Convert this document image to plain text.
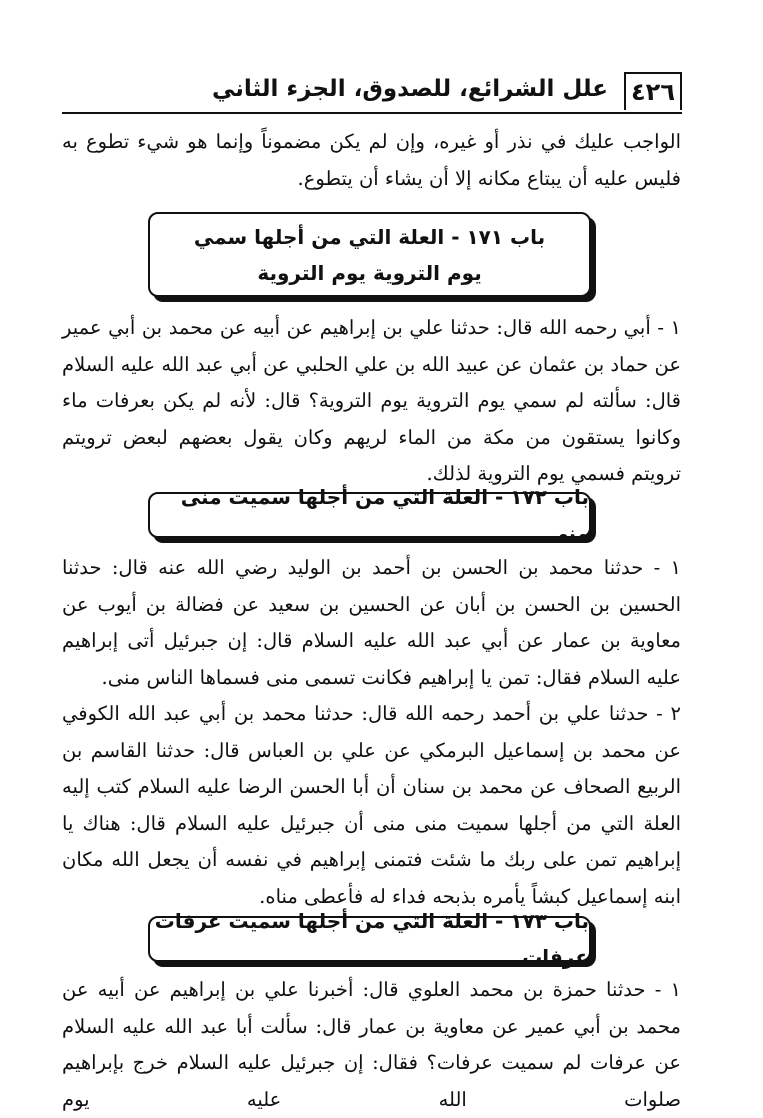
٤٢٦
علل الشرائع، للصدوق، الجزء الثاني
الواجب عليك في نذر أو غيره، وإن لم يكن مضموناً وإنما هو شيء تطوع به فليس عليه أن يبتاع مكانه إلا أن يشاء أن يتطوع.
باب ١٧١ - العلة التي من أجلها سمي
يوم التروية يوم التروية
١ - أبي رحمه الله قال: حدثنا علي بن إبراهيم عن أبيه عن محمد بن أبي عمير عن حماد بن عثمان عن عبيد الله بن علي الحلبي عن أبي عبد الله عليه السلام قال: سألته لم سمي يوم التروية يوم التروية؟ قال: لأنه لم يكن بعرفات ماء وكانوا يستقون من مكة من الماء لريهم وكان يقول بعضهم لبعض ترويتم ترويتم فسمي يوم التروية لذلك.
باب ١٧٢ - العلة التي من أجلها سميت منى منى
١ - حدثنا محمد بن الحسن بن أحمد بن الوليد رضي الله عنه قال: حدثنا الحسين بن الحسن بن أبان عن الحسين بن سعيد عن فضالة بن أيوب عن معاوية بن عمار عن أبي عبد الله عليه السلام قال: إن جبرئيل أتى إبراهيم عليه السلام فقال: تمن يا إبراهيم فكانت تسمى منى فسماها الناس منى.
٢ - حدثنا علي بن أحمد رحمه الله قال: حدثنا محمد بن أبي عبد الله الكوفي عن محمد بن إسماعيل البرمكي عن علي بن العباس قال: حدثنا القاسم بن الربيع الصحاف عن محمد بن سنان أن أبا الحسن الرضا عليه السلام كتب إليه العلة التي من أجلها سميت منى منى أن جبرئيل عليه السلام قال: هناك يا إبراهيم تمن على ربك ما شئت فتمنى إبراهيم في نفسه أن يجعل الله مكان ابنه إسماعيل كبشاً يأمره بذبحه فداء له فأعطى مناه.
باب ١٧٣ - العلة التي من أجلها سميت عرفات عرفات
١ - حدثنا حمزة بن محمد العلوي قال: أخبرنا علي بن إبراهيم عن أبيه عن محمد بن أبي عمير عن معاوية بن عمار قال: سألت أبا عبد الله عليه السلام عن عرفات لم سميت عرفات؟ فقال: إن جبرئيل عليه السلام خرج بإبراهيم صلوات الله عليه يوم
